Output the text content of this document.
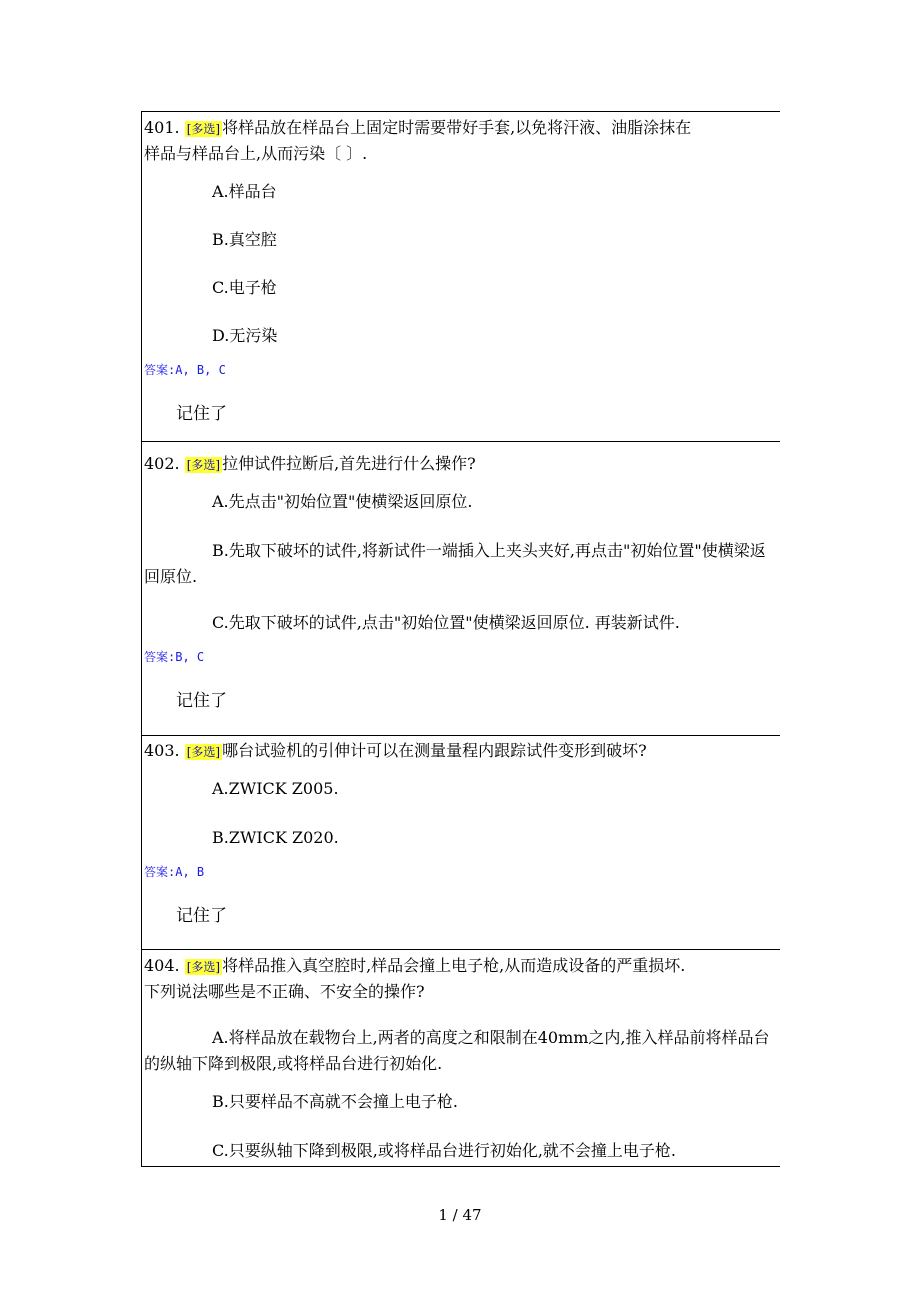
401. [多选] 将样品放在样品台上固定时需要带好手套,以免将汗液、油脂涂抹在
样品与样品台上,从而污染〔 〕.
A.样品台
B.真空腔
C.电子枪
D.无污染
答案:A, B, C
记住了
402. [多选] 拉伸试件拉断后,首先进行什么操作?
A.先点击"初始位置"使横梁返回原位.
B.先取下破坏的试件,将新试件一端插入上夹头夹好,再点击"初始位置"使横梁返回原位.
C.先取下破坏的试件,点击"初始位置"使横梁返回原位. 再装新试件.
答案:B, C
记住了
403. [多选] 哪台试验机的引伸计可以在测量量程内跟踪试件变形到破坏?
A.ZWICK Z005.
B.ZWICK Z020.
答案:A, B
记住了
404. [多选] 将样品推入真空腔时,样品会撞上电子枪,从而造成设备的严重损坏.
下列说法哪些是不正确、不安全的操作?
A.将样品放在载物台上,两者的高度之和限制在40mm之内,推入样品前将样品台的纵轴下降到极限,或将样品台进行初始化.
B.只要样品不高就不会撞上电子枪.
C.只要纵轴下降到极限,或将样品台进行初始化,就不会撞上电子枪.
1 / 47
